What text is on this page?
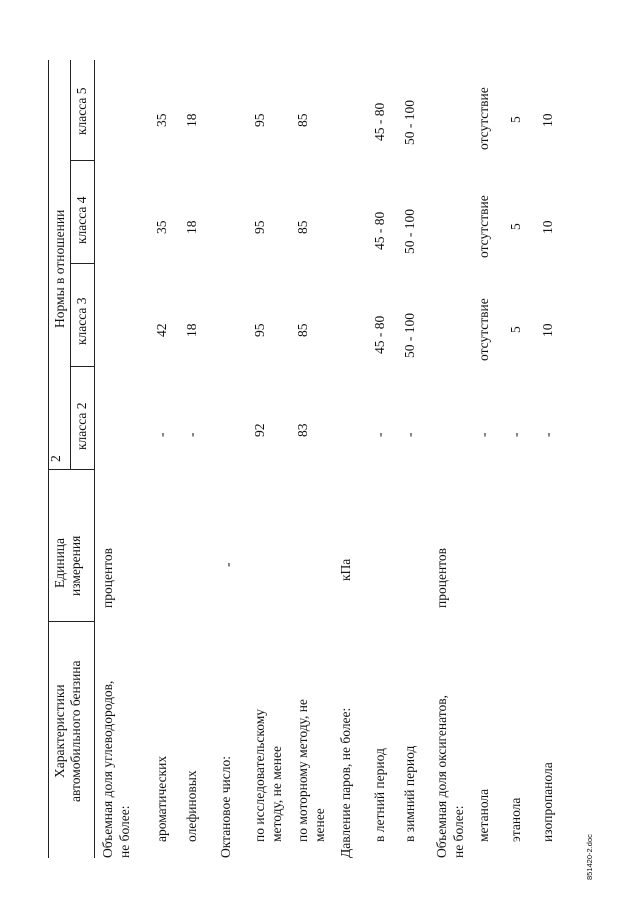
2
851420-2.doc
Характеристики автомобильного бензина
Единица измерения
Нормы в отношении
класса 2
класса 3
класса 4
класса 5
Объемная доля углеводородов, не более:
процентов
ароматических
-
42
35
35
олефиновых
-
18
18
18
Октановое число:
-
по исследовательскому методу, не менее
92
95
95
95
по моторному методу, не менее
83
85
85
85
Давление паров, не более:
кПа
в летний период
-
45 - 80
45 - 80
45 - 80
в зимний период
-
50 - 100
50 - 100
50 - 100
Объемная доля оксигенатов, не более:
процентов
метанола
-
отсутствие
отсутствие
отсутствие
этанола
-
5
5
5
изопропанола
-
10
10
10
